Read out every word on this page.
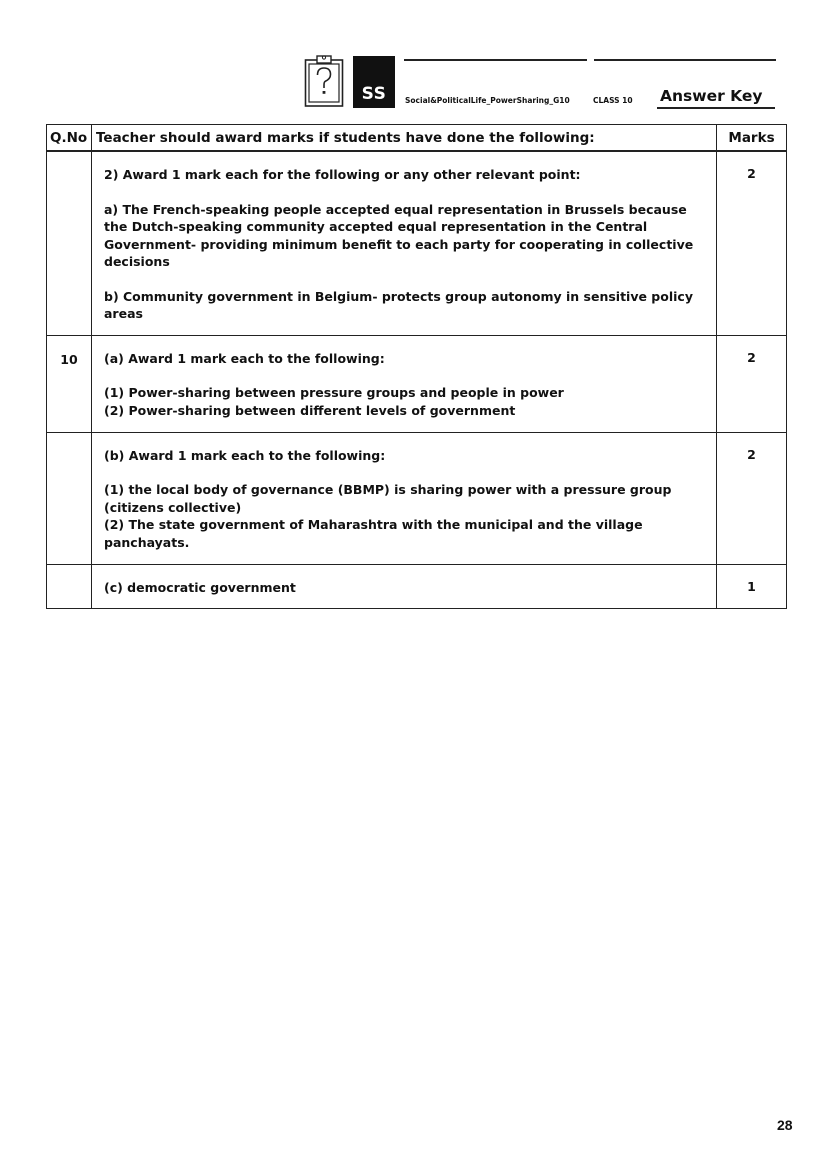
SS	Social&PoliticalLife_PowerSharing_G10	CLASS 10 Answer Key
Q.No	Teacher should award marks if students have done the following:	Marks

	2) Award 1 mark each for the following or any other relevant point:

a) The French-speaking people accepted equal representation in Brussels because the Dutch-speaking community accepted equal representation in the Central Government- providing minimum benefit to each party for cooperating in collective decisions

b) Community government in Belgium- protects group autonomy in sensitive policy areas	2
10	(a) Award 1 mark each to the following:

(1) Power-sharing between pressure groups and people in power
(2) Power-sharing between different levels of government	2

	(b) Award 1 mark each to the following:

(1) the local body of governance (BBMP) is sharing power with a pressure group (citizens collective)
(2) The state government of Maharashtra with the municipal and the village panchayats.	2

	(c) democratic government	1
28
